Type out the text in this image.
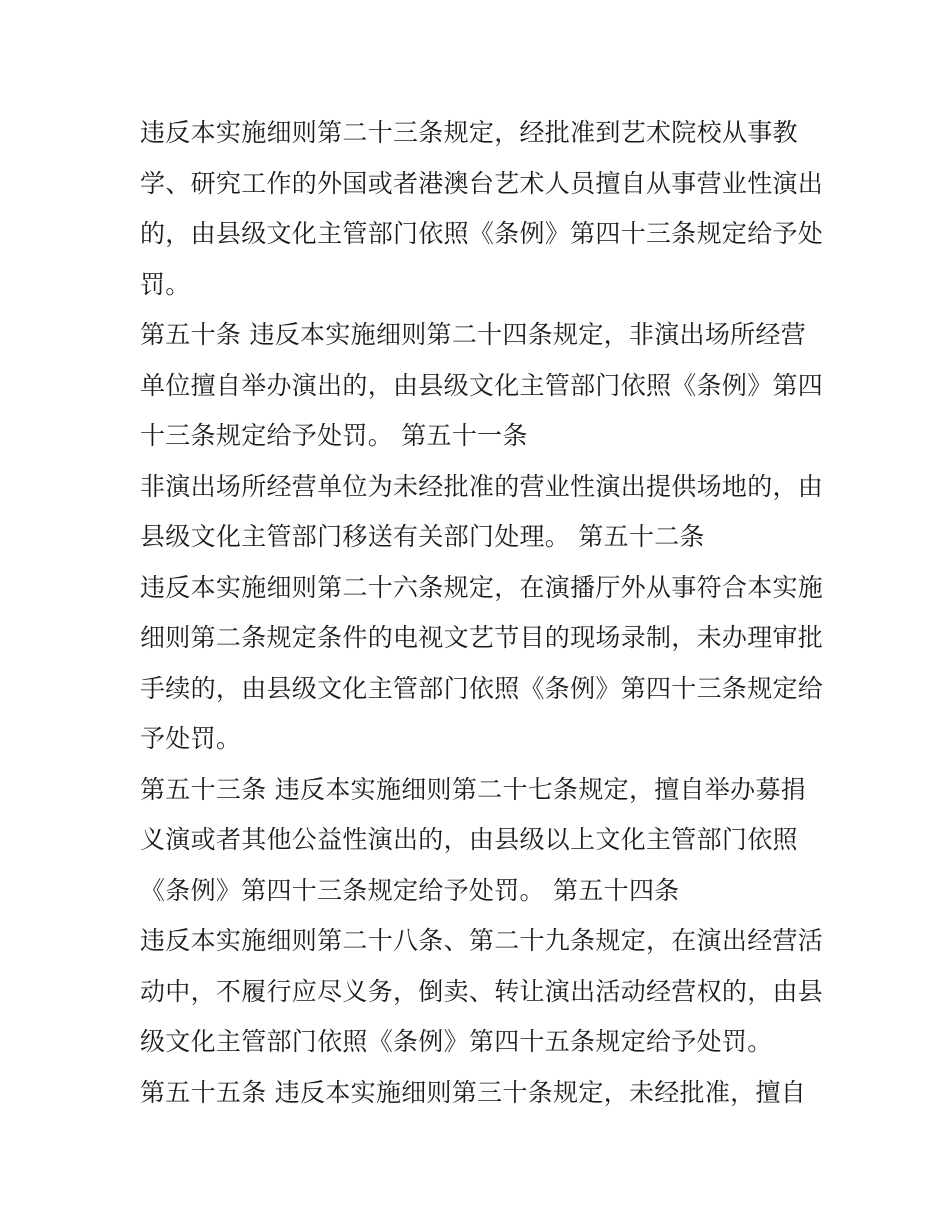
违反本实施细则第二十三条规定，经批准到艺术院校从事教
学、研究工作的外国或者港澳台艺术人员擅自从事营业性演出
的，由县级文化主管部门依照《条例》第四十三条规定给予处
罚。
第五十条 违反本实施细则第二十四条规定，非演出场所经营
单位擅自举办演出的，由县级文化主管部门依照《条例》第四
十三条规定给予处罚。 第五十一条
非演出场所经营单位为未经批准的营业性演出提供场地的，由
县级文化主管部门移送有关部门处理。 第五十二条
违反本实施细则第二十六条规定，在演播厅外从事符合本实施
细则第二条规定条件的电视文艺节目的现场录制，未办理审批
手续的，由县级文化主管部门依照《条例》第四十三条规定给
予处罚。
第五十三条 违反本实施细则第二十七条规定，擅自举办募捐
义演或者其他公益性演出的，由县级以上文化主管部门依照
《条例》第四十三条规定给予处罚。 第五十四条
违反本实施细则第二十八条、第二十九条规定，在演出经营活
动中，不履行应尽义务，倒卖、转让演出活动经营权的，由县
级文化主管部门依照《条例》第四十五条规定给予处罚。
第五十五条 违反本实施细则第三十条规定，未经批准，擅自
